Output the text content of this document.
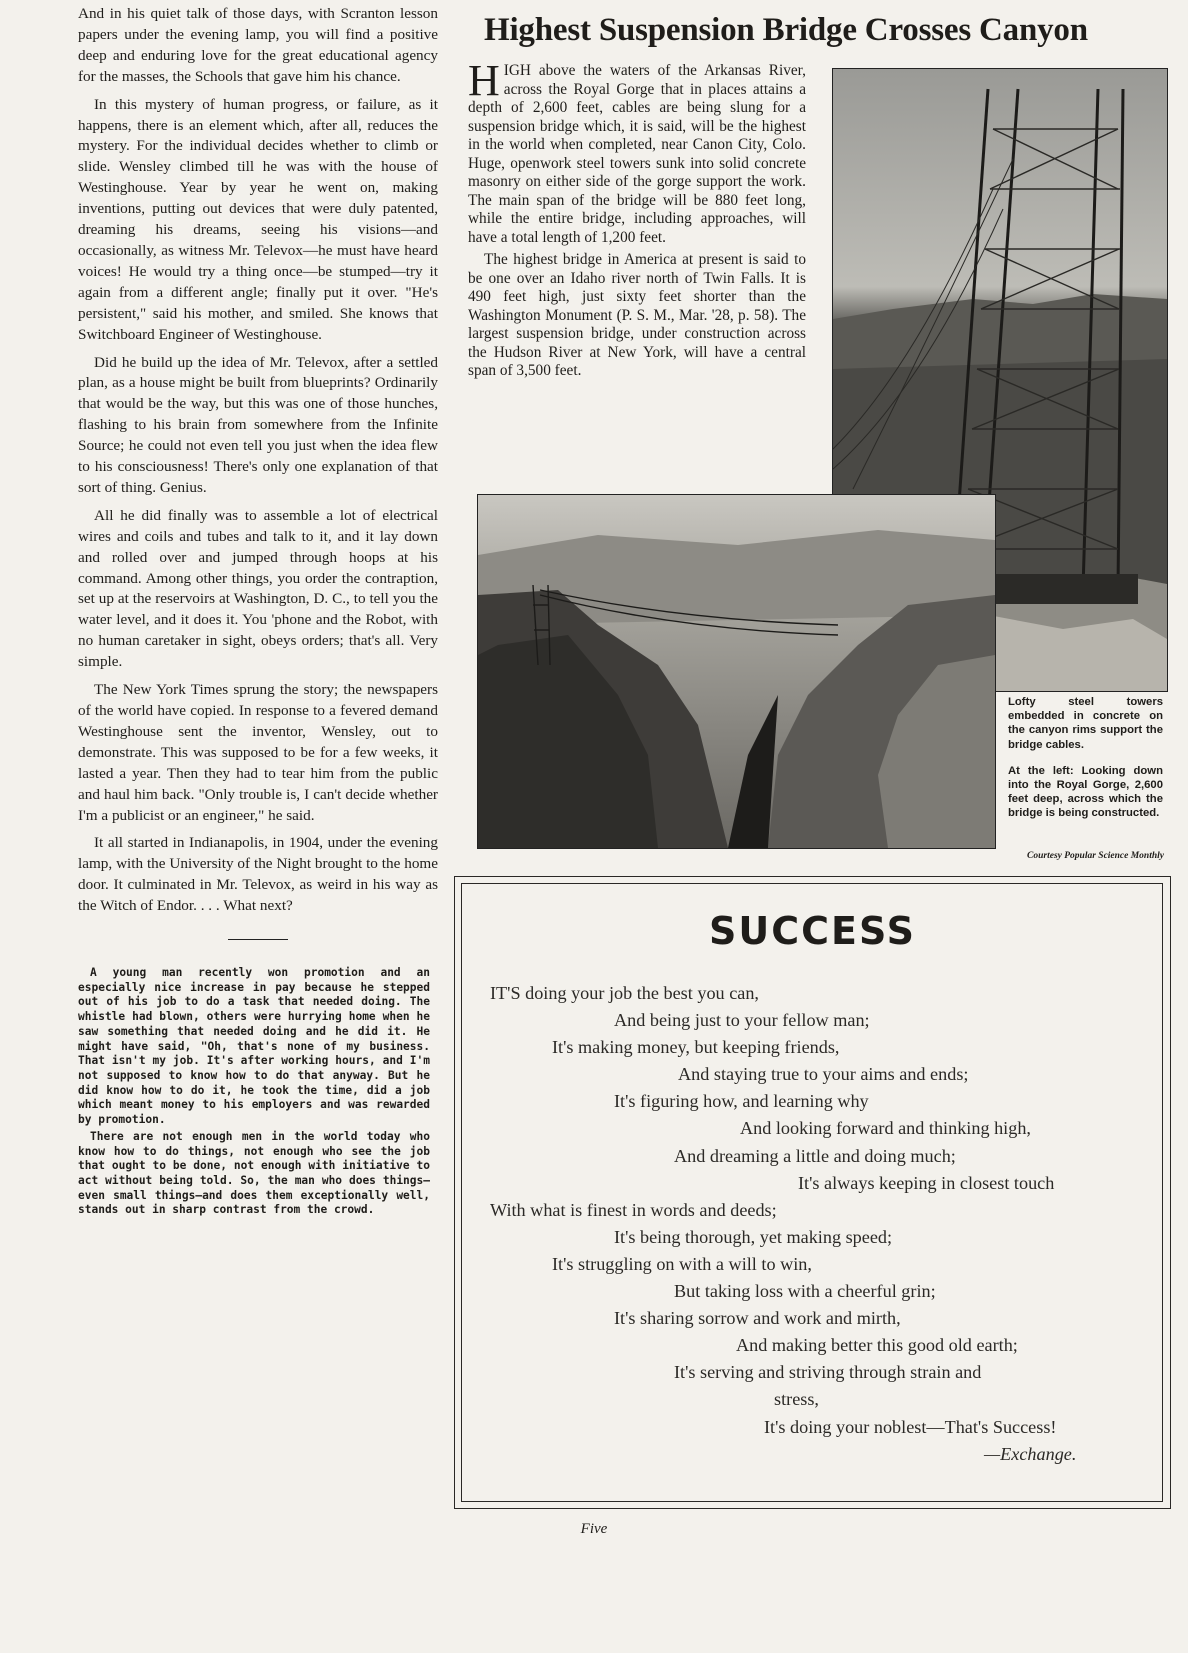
And in his quiet talk of those days, with Scranton lesson papers under the evening lamp, you will find a positive deep and enduring love for the great educational agency for the masses, the Schools that gave him his chance.

In this mystery of human progress, or failure, as it happens, there is an element which, after all, reduces the mystery. For the individual decides whether to climb or slide. Wensley climbed till he was with the house of Westinghouse. Year by year he went on, making inventions, putting out devices that were duly patented, dreaming his dreams, seeing his visions—and occasionally, as witness Mr. Televox—he must have heard voices! He would try a thing once—be stumped—try it again from a different angle; finally put it over. "He's persistent," said his mother, and smiled. She knows that Switchboard Engineer of Westinghouse.

Did he build up the idea of Mr. Televox, after a settled plan, as a house might be built from blueprints? Ordinarily that would be the way, but this was one of those hunches, flashing to his brain from somewhere from the Infinite Source; he could not even tell you just when the idea flew to his consciousness! There's only one explanation of that sort of thing. Genius.

All he did finally was to assemble a lot of electrical wires and coils and tubes and talk to it, and it lay down and rolled over and jumped through hoops at his command. Among other things, you order the contraption, set up at the reservoirs at Washington, D. C., to tell you the water level, and it does it. You 'phone and the Robot, with no human caretaker in sight, obeys orders; that's all. Very simple.

The New York Times sprung the story; the newspapers of the world have copied. In response to a fevered demand Westinghouse sent the inventor, Wensley, out to demonstrate. This was supposed to be for a few weeks, it lasted a year. Then they had to tear him from the public and haul him back. "Only trouble is, I can't decide whether I'm a publicist or an engineer," he said.

It all started in Indianapolis, in 1904, under the evening lamp, with the University of the Night brought to the home door. It culminated in Mr. Televox, as weird in his way as the Witch of Endor. . . . What next?

A young man recently won promotion and an especially nice increase in pay because he stepped out of his job to do a task that needed doing. The whistle had blown, others were hurrying home when he saw something that needed doing and he did it. He might have said, "Oh, that's none of my business. That isn't my job. It's after working hours, and I'm not supposed to know how to do that anyway. But he did know how to do it, he took the time, did a job which meant money to his employers and was rewarded by promotion.

There are not enough men in the world today who know how to do things, not enough who see the job that ought to be done, not enough with initiative to act without being told. So, the man who does things—even small things—and does them exceptionally well, stands out in sharp contrast from the crowd.

Highest Suspension Bridge Crosses Canyon

HIGH above the waters of the Arkansas River, across the Royal Gorge that in places attains a depth of 2,600 feet, cables are being slung for a suspension bridge which, it is said, will be the highest in the world when completed, near Canon City, Colo. Huge, openwork steel towers sunk into solid concrete masonry on either side of the gorge support the work. The main span of the bridge will be 880 feet long, while the entire bridge, including approaches, will have a total length of 1,200 feet.

The highest bridge in America at present is said to be one over an Idaho river north of Twin Falls. It is 490 feet high, just sixty feet shorter than the Washington Monument (P. S. M., Mar. '28, p. 58). The largest suspension bridge, under construction across the Hudson River at New York, will have a central span of 3,500 feet.

Lofty steel towers embedded in concrete on the canyon rims support the bridge cables.

At the left: Looking down into the Royal Gorge, 2,600 feet deep, across which the bridge is being constructed.

Courtesy Popular Science Monthly
SUCCESS
IT'S doing your job the best you can,
And being just to your fellow man;
It's making money, but keeping friends,
And staying true to your aims and ends;
It's figuring how, and learning why
And looking forward and thinking high,
And dreaming a little and doing much;
It's always keeping in closest touch
With what is finest in words and deeds;
It's being thorough, yet making speed;
It's struggling on with a will to win,
But taking loss with a cheerful grin;
It's sharing sorrow and work and mirth,
And making better this good old earth;
It's serving and striving through strain and
stress,
It's doing your noblest—That's Success!
—Exchange.
Five
